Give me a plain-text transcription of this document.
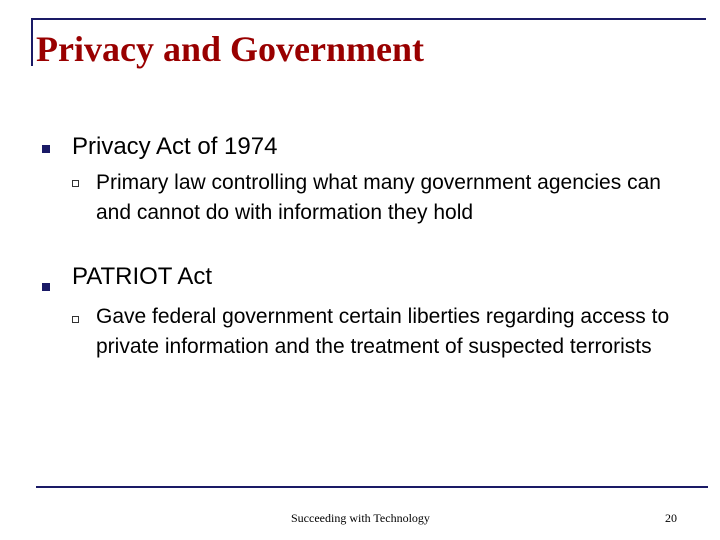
Privacy and Government
Privacy Act of 1974
Primary law controlling what many government agencies can and cannot do with information they hold
PATRIOT Act
Gave federal government certain liberties regarding access to private information and the treatment of suspected terrorists
Succeeding with Technology	20
